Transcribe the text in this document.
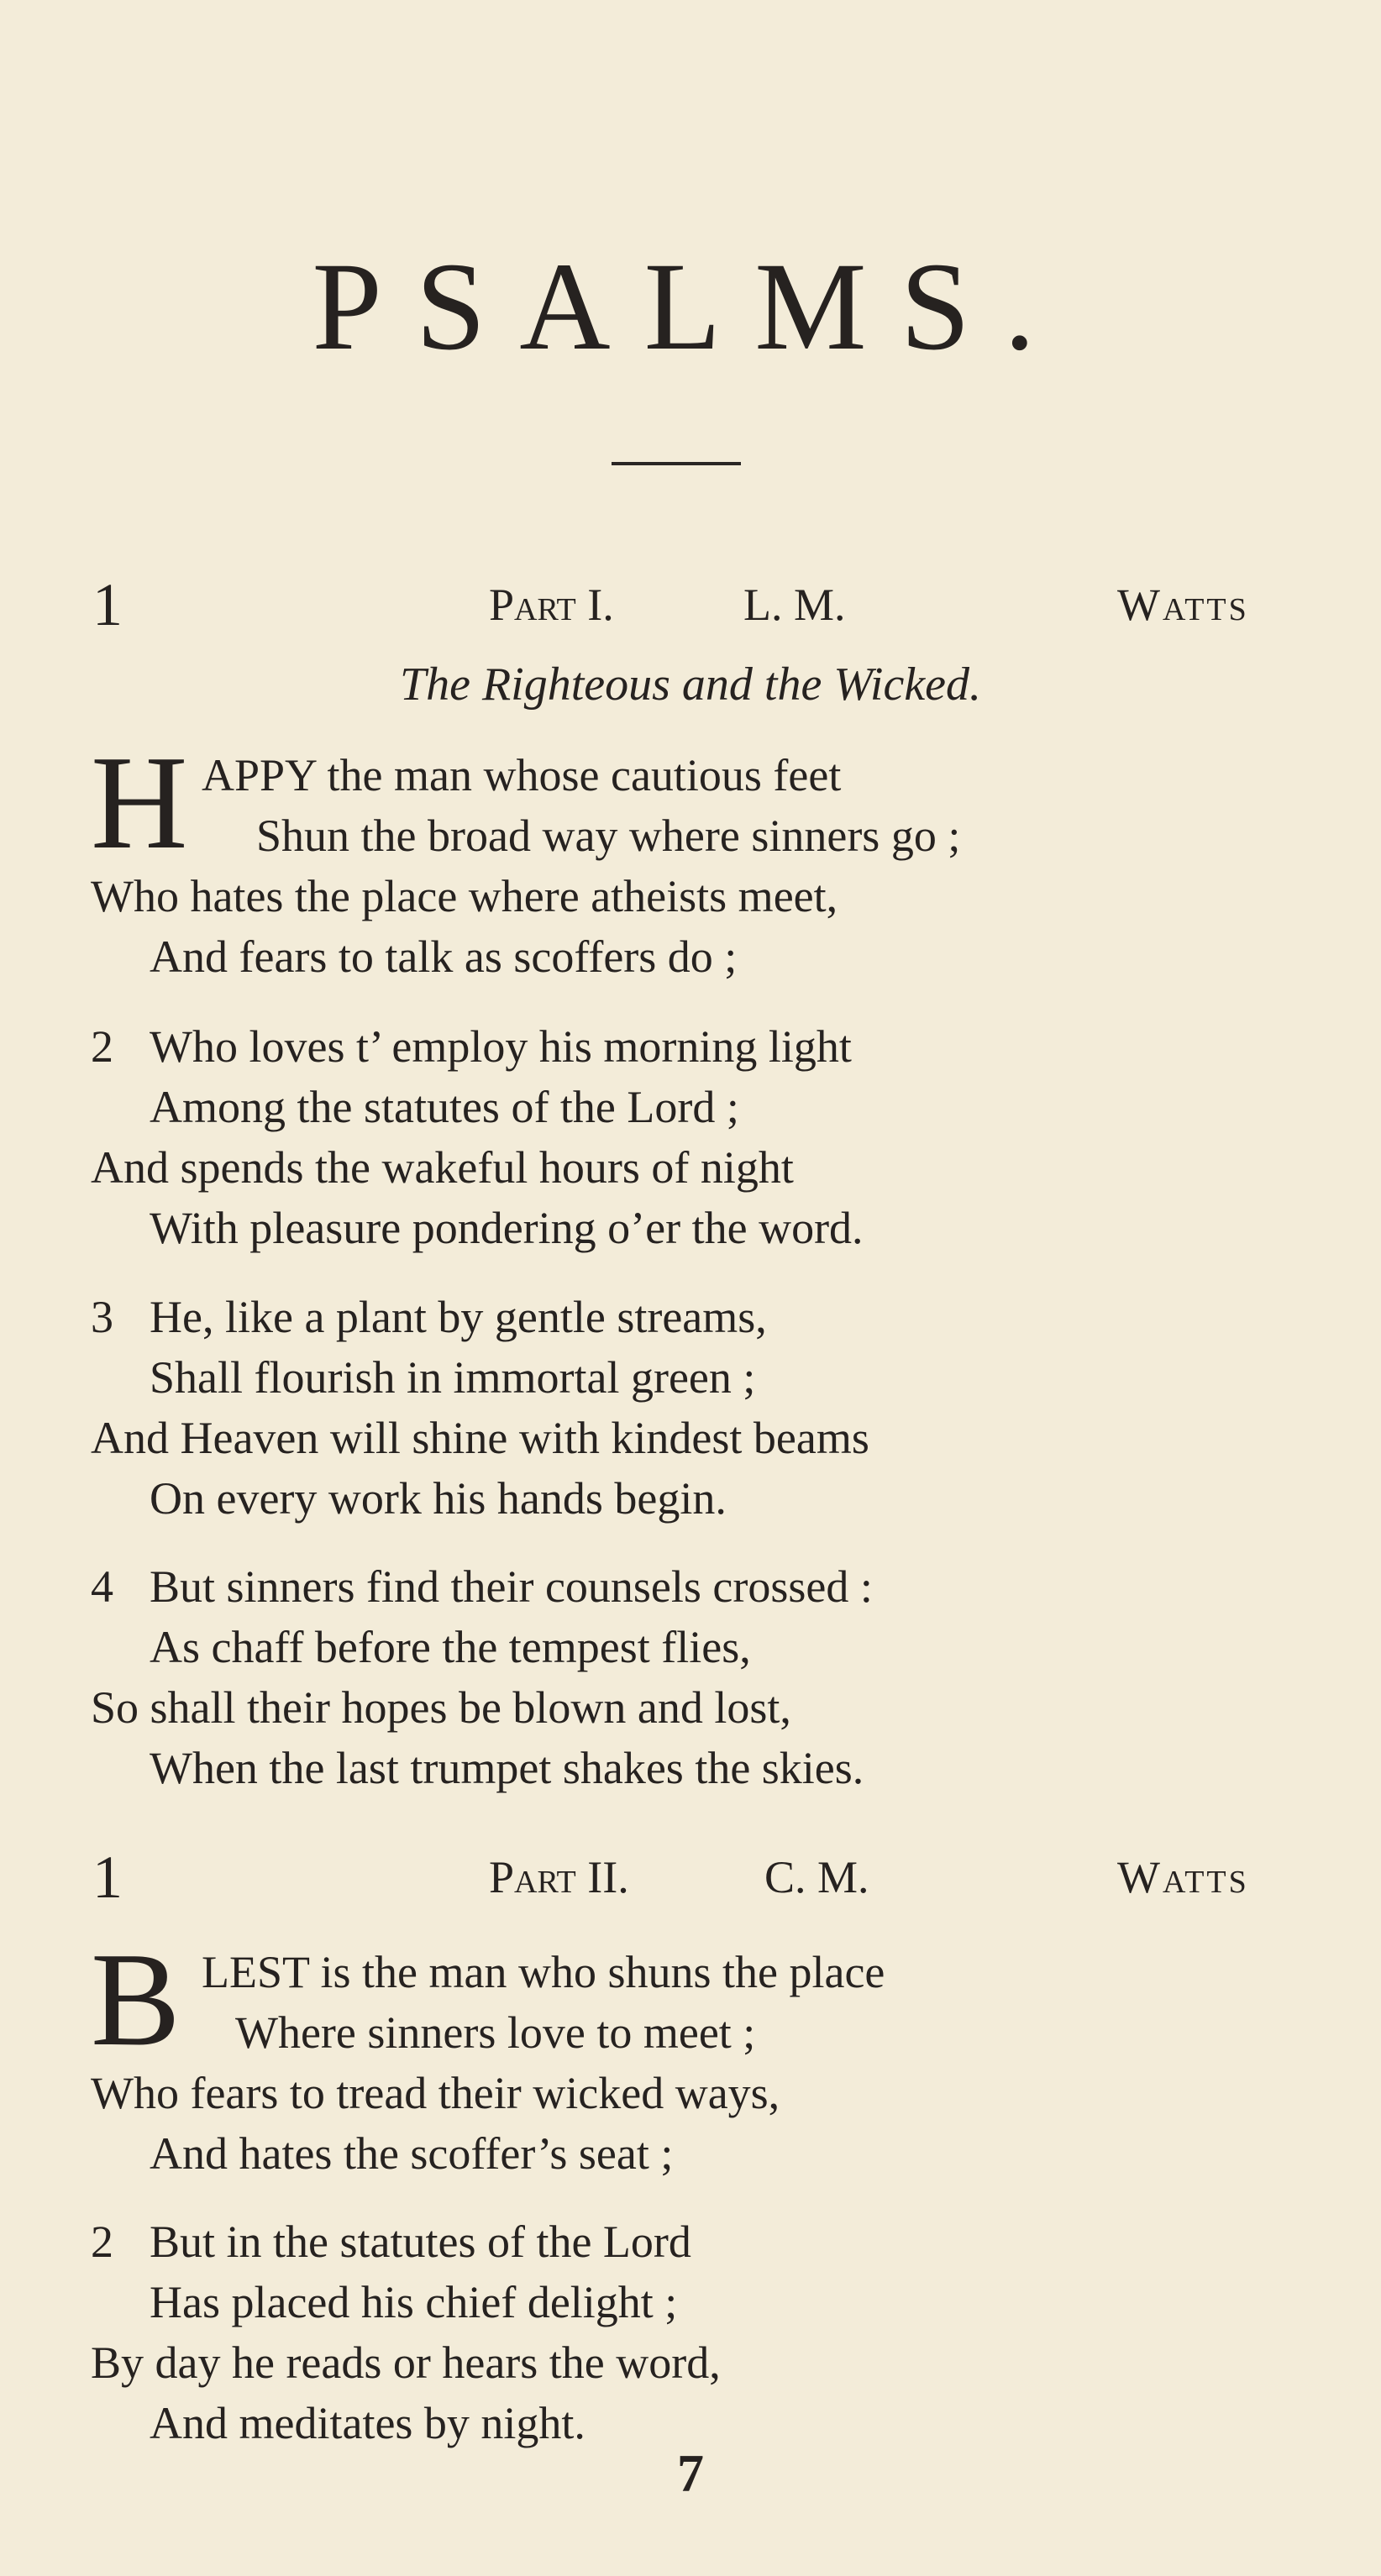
PSALMS.
1	Part I.	L. M.	Watts
The Righteous and the Wicked.
H APPY the man whose cautious feet
Shun the broad way where sinners go ;
Who hates the place where atheists meet,
And fears to talk as scoffers do ;
2 Who loves t’ employ his morning light
Among the statutes of the Lord ;
And spends the wakeful hours of night
With pleasure pondering o’er the word.
3 He, like a plant by gentle streams,
Shall flourish in immortal green ;
And Heaven will shine with kindest beams
On every work his hands begin.
4 But sinners find their counsels crossed :
As chaff before the tempest flies,
So shall their hopes be blown and lost,
When the last trumpet shakes the skies.
1	Part II.	C. M.	Watts
B LEST is the man who shuns the place
Where sinners love to meet ;
Who fears to tread their wicked ways,
And hates the scoffer’s seat ;
2 But in the statutes of the Lord
Has placed his chief delight ;
By day he reads or hears the word,
And meditates by night.
7
